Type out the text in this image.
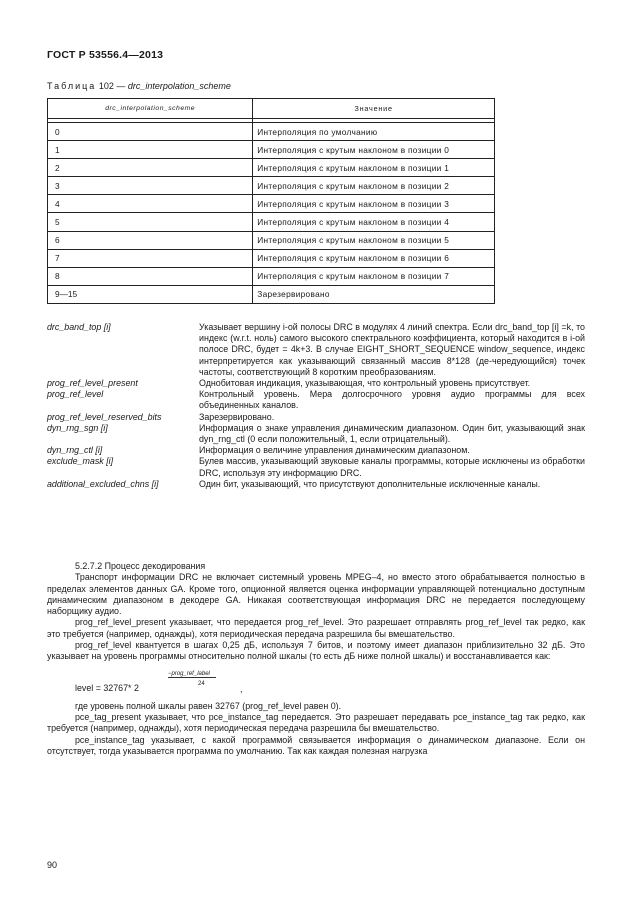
ГОСТ Р 53556.4—2013
Таблица 102 — drc_interpolation_scheme
drc_interpolation_scheme	Значение

0	Интерполяция по умолчанию
1	Интерполяция с крутым наклоном в позиции 0
2	Интерполяция с крутым наклоном в позиции 1
3	Интерполяция с крутым наклоном в позиции 2
4	Интерполяция с крутым наклоном в позиции 3
5	Интерполяция с крутым наклоном в позиции 4
6	Интерполяция с крутым наклоном в позиции 5
7	Интерполяция с крутым наклоном в позиции 6
8	Интерполяция с крутым наклоном в позиции 7
9—15	Зарезервировано
drc_band_top [i]	Указывает вершину i-ой полосы DRC в модулях 4 линий спектра. Если drc_band_top [i] =k, то индекс (w.r.t. ноль) самого высокого спектрального коэффициента, который находится в i-ой полосе DRC, будет = 4k+3. В случае EIGHT_SHORT_SEQUENCE window_sequence, индекс интерпретируется как указывающий связанный массив 8*128 (де-чередующийся) точек частоты, соответствующий 8 коротким преобразованиям.
prog_ref_level_present	Однобитовая индикация, указывающая, что контрольный уровень присутствует.
prog_ref_level	Контрольный уровень. Мера долгосрочного уровня аудио программы для всех объединенных каналов.
prog_ref_level_reserved_bits	Зарезервировано.
dyn_rng_sgn [i]	Информация о знаке управления динамическим диапазоном. Один бит, указывающий знак dyn_rng_ctl (0 если положительный, 1, если отрицательный).
dyn_rng_ctl [i]	Информация о величине управления динамическим диапазоном.
exclude_mask [i]	Булев массив, указывающий звуковые каналы программы, которые исключены из обработки DRC, используя эту информацию DRC.
additional_excluded_chns [i]	Один бит, указывающий, что присутствуют дополнительные исключенные каналы.

5.2.7.2 Процесс декодирования

Транспорт информации DRC не включает системный уровень MPEG–4, но вместо этого обрабатывается полностью в пределах элементов данных GA. Кроме того, опционной является оценка информации управляющей потенциально доступным динамическим диапазоном в декодере GA. Никакая соответствующая информация DRC не передается последующему наборщику аудио.

prog_ref_level_present указывает, что передается prog_ref_level. Это разрешает отправлять prog_ref_level так редко, как это требуется (например, однажды), хотя периодическая передача разрешила бы вмешательство.

prog_ref_level квантуется в шагах 0,25 дБ, используя 7 битов, и поэтому имеет диапазон приблизительно 32 дБ. Это указывает на уровень программы относительно полной шкалы (то есть дБ ниже полной шкалы) и восстанавливается как:

level = 32767* 2
−prog_ref_label
24	,

где уровень полной шкалы равен 32767 (prog_ref_level равен 0).

pce_tag_present указывает, что pce_instance_tag передается. Это разрешает передавать pce_instance_tag так редко, как требуется (например, однажды), хотя периодическая передача разрешила бы вмешательство.

pce_instance_tag указывает, с какой программой связывается информация о динамическом диапазоне. Если он отсутствует, тогда указывается программа по умолчанию. Так как каждая полезная нагрузка

90
